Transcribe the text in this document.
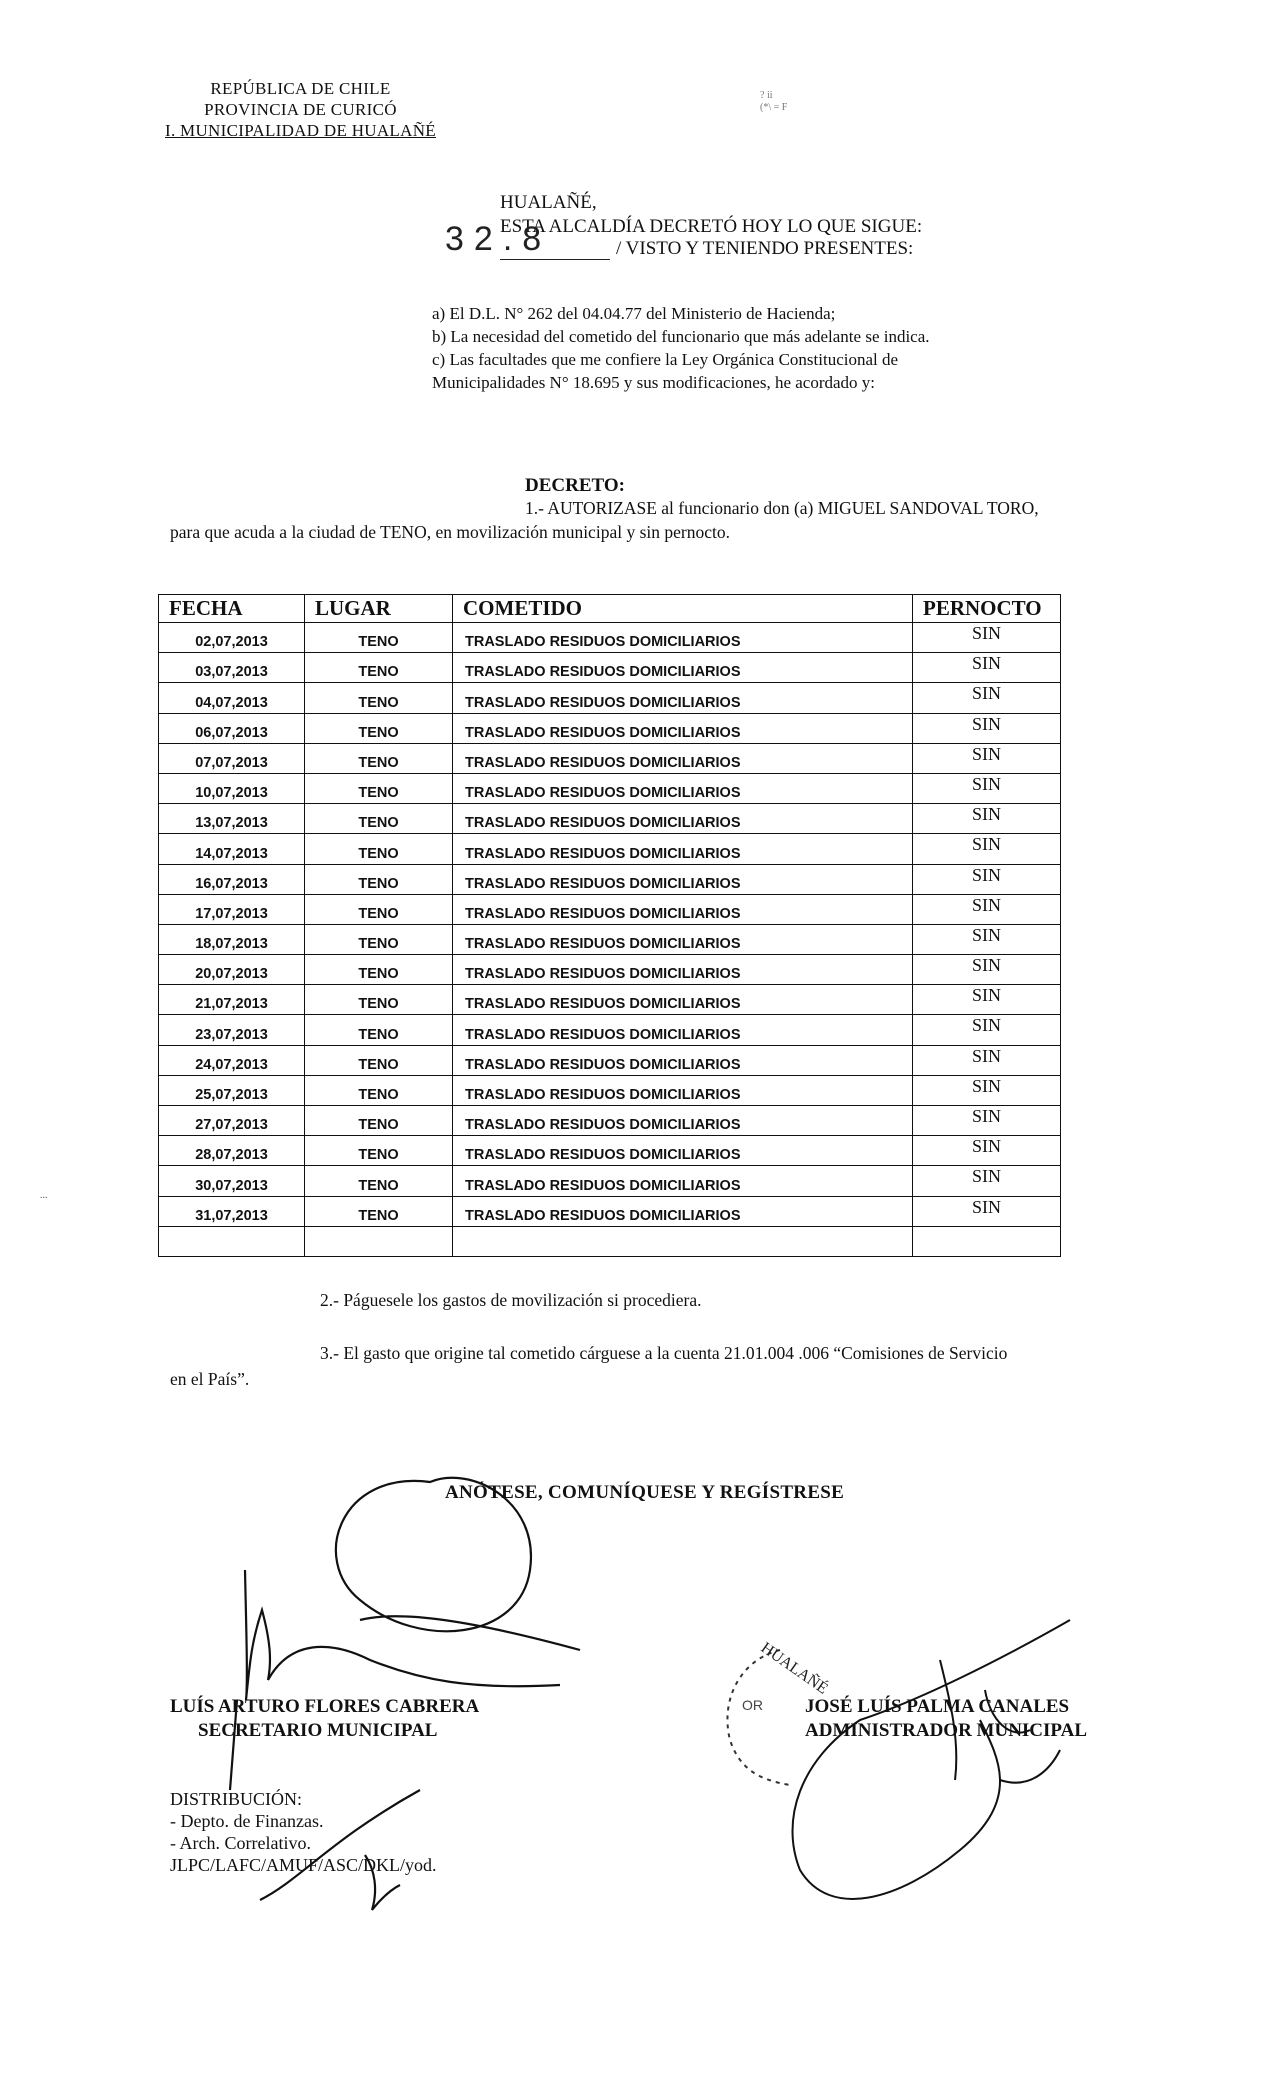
REPÚBLICA DE CHILE
PROVINCIA DE CURICÓ
I. MUNICIPALIDAD DE HUALAÑÉ
? ii
(*\ = F
HUALAÑÉ,
ESTA ALCALDÍA DECRETÓ HOY LO QUE SIGUE:
/ VISTO Y TENIENDO PRESENTES:
32.8
a) El D.L. N° 262 del 04.04.77 del Ministerio de Hacienda;
b) La necesidad del cometido del funcionario que más adelante se indica.
c) Las facultades que me confiere la Ley Orgánica Constitucional de
Municipalidades N° 18.695 y sus modificaciones, he acordado y:
DECRETO:
1.- AUTORIZASE al funcionario don (a) MIGUEL SANDOVAL TORO,
para que acuda a la ciudad de TENO, en movilización municipal y sin pernocto.
FECHA	LUGAR	COMETIDO	PERNOCTO
02,07,2013	TENO	TRASLADO RESIDUOS DOMICILIARIOS	SIN
03,07,2013	TENO	TRASLADO RESIDUOS DOMICILIARIOS	SIN
04,07,2013	TENO	TRASLADO RESIDUOS DOMICILIARIOS	SIN
06,07,2013	TENO	TRASLADO RESIDUOS DOMICILIARIOS	SIN
07,07,2013	TENO	TRASLADO RESIDUOS DOMICILIARIOS	SIN
10,07,2013	TENO	TRASLADO RESIDUOS DOMICILIARIOS	SIN
13,07,2013	TENO	TRASLADO RESIDUOS DOMICILIARIOS	SIN
14,07,2013	TENO	TRASLADO RESIDUOS DOMICILIARIOS	SIN
16,07,2013	TENO	TRASLADO RESIDUOS DOMICILIARIOS	SIN
17,07,2013	TENO	TRASLADO RESIDUOS DOMICILIARIOS	SIN
18,07,2013	TENO	TRASLADO RESIDUOS DOMICILIARIOS	SIN
20,07,2013	TENO	TRASLADO RESIDUOS DOMICILIARIOS	SIN
21,07,2013	TENO	TRASLADO RESIDUOS DOMICILIARIOS	SIN
23,07,2013	TENO	TRASLADO RESIDUOS DOMICILIARIOS	SIN
24,07,2013	TENO	TRASLADO RESIDUOS DOMICILIARIOS	SIN
25,07,2013	TENO	TRASLADO RESIDUOS DOMICILIARIOS	SIN
27,07,2013	TENO	TRASLADO RESIDUOS DOMICILIARIOS	SIN
28,07,2013	TENO	TRASLADO RESIDUOS DOMICILIARIOS	SIN
30,07,2013	TENO	TRASLADO RESIDUOS DOMICILIARIOS	SIN
31,07,2013	TENO	TRASLADO RESIDUOS DOMICILIARIOS	SIN

...
2.- Páguesele los gastos de movilización si procediera.
3.- El gasto que origine tal cometido cárguese a la cuenta 21.01.004 .006 “Comisiones de Servicio
en el País”.
ANÓTESE, COMUNÍQUESE Y REGÍSTRESE
LUÍS ARTURO FLORES CABRERA
SECRETARIO MUNICIPAL
JOSÉ LUÍS PALMA CANALES
ADMINISTRADOR MUNICIPAL
DISTRIBUCIÓN:
- Depto. de Finanzas.
- Arch. Correlativo.
JLPC/LAFC/AMUF/ASC/DKL/yod.
HUALAÑÉ
OR
